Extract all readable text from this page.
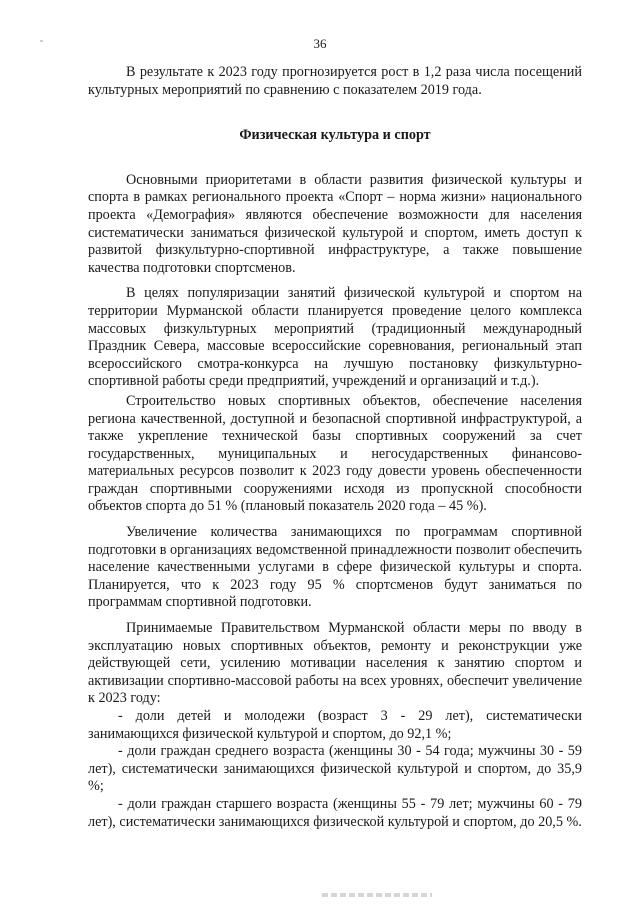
36

В результате к 2023 году прогнозируется рост в 1,2 раза числа посещений культурных мероприятий по сравнению с показателем 2019 года.

Физическая культура и спорт

Основными приоритетами в области развития физической культуры и спорта в рамках регионального проекта «Спорт – норма жизни» национального проекта «Демография» являются обеспечение возможности для населения систематически заниматься физической культурой и спортом, иметь доступ к развитой физкультурно-спортивной инфраструктуре, а также повышение качества подготовки спортсменов.

В целях популяризации занятий физической культурой и спортом на территории Мурманской области планируется проведение целого комплекса массовых физкультурных мероприятий (традиционный международный Праздник Севера, массовые всероссийские соревнования, региональный этап всероссийского смотра-конкурса на лучшую постановку физкультурно-спортивной работы среди предприятий, учреждений и организаций и т.д.).

Строительство новых спортивных объектов, обеспечение населения региона качественной, доступной и безопасной спортивной инфраструктурой, а также укрепление технической базы спортивных сооружений за счет государственных, муниципальных и негосударственных финансово-материальных ресурсов позволит к 2023 году довести уровень обеспеченности граждан спортивными сооружениями исходя из пропускной способности объектов спорта до 51 % (плановый показатель 2020 года – 45 %).

Увеличение количества занимающихся по программам спортивной подготовки в организациях ведомственной принадлежности позволит обеспечить население качественными услугами в сфере физической культуры и спорта. Планируется, что к 2023 году 95 % спортсменов будут заниматься по программам спортивной подготовки.

Принимаемые Правительством Мурманской области меры по вводу в эксплуатацию новых спортивных объектов, ремонту и реконструкции уже действующей сети, усилению мотивации населения к занятию спортом и активизации спортивно-массовой работы на всех уровнях, обеспечит увеличение к 2023 году:

- доли детей и молодежи (возраст 3 - 29 лет), систематически занимающихся физической культурой и спортом, до 92,1 %;

- доли граждан среднего возраста (женщины 30 - 54 года; мужчины 30 - 59 лет), систематически занимающихся физической культурой и спортом, до 35,9 %;

- доли граждан старшего возраста (женщины 55 - 79 лет; мужчины 60 - 79 лет), систематически занимающихся физической культурой и спортом, до 20,5 %.
